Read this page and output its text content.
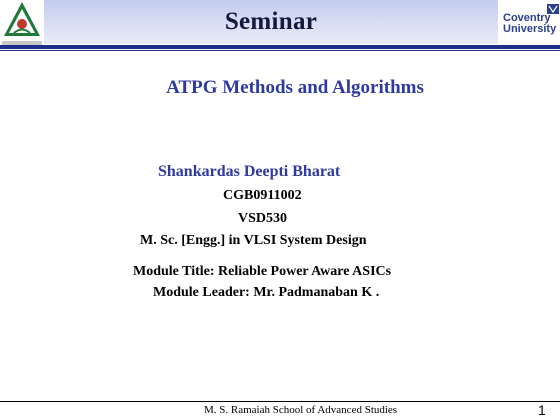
Seminar	Coventry
University
ATPG Methods and Algorithms
Shankardas Deepti Bharat
CGB0911002
VSD530
M. Sc. [Engg.] in VLSI System Design
Module Title: Reliable Power Aware ASICs
Module Leader: Mr. Padmanaban K .
M. S. Ramaiah School of Advanced Studies	1
